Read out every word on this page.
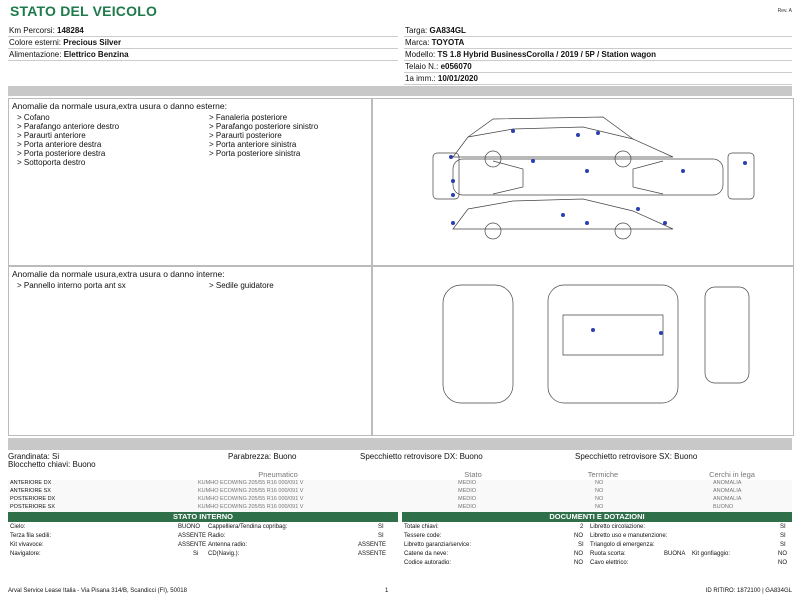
STATO DEL VEICOLO	Rev. A
Km Percorsi: 148284
Colore esterni: Precious Silver
Alimentazione: Elettrico Benzina
Targa: GA834GL
Marca: TOYOTA
Modello: TS 1.8 Hybrid BusinessCorolla / 2019 / 5P / Station wagon
Telaio N.: e056070
1a imm.: 10/01/2020
Anomalie da normale usura,extra usura o danno esterne:
> Cofano
> Parafango anteriore destro
> Paraurti anteriore
> Porta anteriore destra
> Porta posteriore destra
> Sottoporta destro
> Fanaleria posteriore
> Parafango posteriore sinistro
> Paraurti posteriore
> Porta anteriore sinistra
> Porta posteriore sinistra
Anomalie da normale usura,extra usura o danno interne:
> Pannello interno porta ant sx	> Sedile guidatore
Grandinata: Si	Parabrezza: Buono	Specchietto retrovisore DX: Buono	Specchietto retrovisore SX: Buono
Blocchetto chiavi: Buono
Pneumatico	Stato	Termiche	Cerchi in lega
ANTERIORE DX	KUMHO ECOWING 205/55 R16 000/091 V	MEDIO	NO	ANOMALIA
ANTERIORE SX	KUMHO ECOWING 205/55 R16 000/091 V	MEDIO	NO	ANOMALIA
POSTERIORE DX	KUMHO ECOWING 205/55 R16 000/091 V	MEDIO	NO	ANOMALIA
POSTERIORE SX	KUMHO ECOWING 205/55 R16 000/091 V	MEDIO	NO	BUONO
STATO INTERNO
Cielo:	BUONO Cappelliera/Tendina copribag:	SI
Terza fila sedili:	ASSENTE Radio:	SI
Kit vivavoce:	ASSENTE Antenna radio:	ASSENTE
Navigatore:	Si CD(Navig.):	ASSENTE
DOCUMENTI E DOTAZIONI
Totale chiavi:	2 Libretto circolazione:	SI
Tessere code:	NO Libretto uso e manutenzione:	SI
Libretto garanzia/service:	SI Triangolo di emergenza:	SI
Catene da neve:	NO Ruota scorta:	BUONA Kit gonfiaggio:	NO
Codice autoradio:	NO Cavo elettrico:	NO
Arval Service Lease Italia - Via Pisana 314/B, Scandicci (FI), 50018	1	ID RITIRO: 1872100 | GA834GL
